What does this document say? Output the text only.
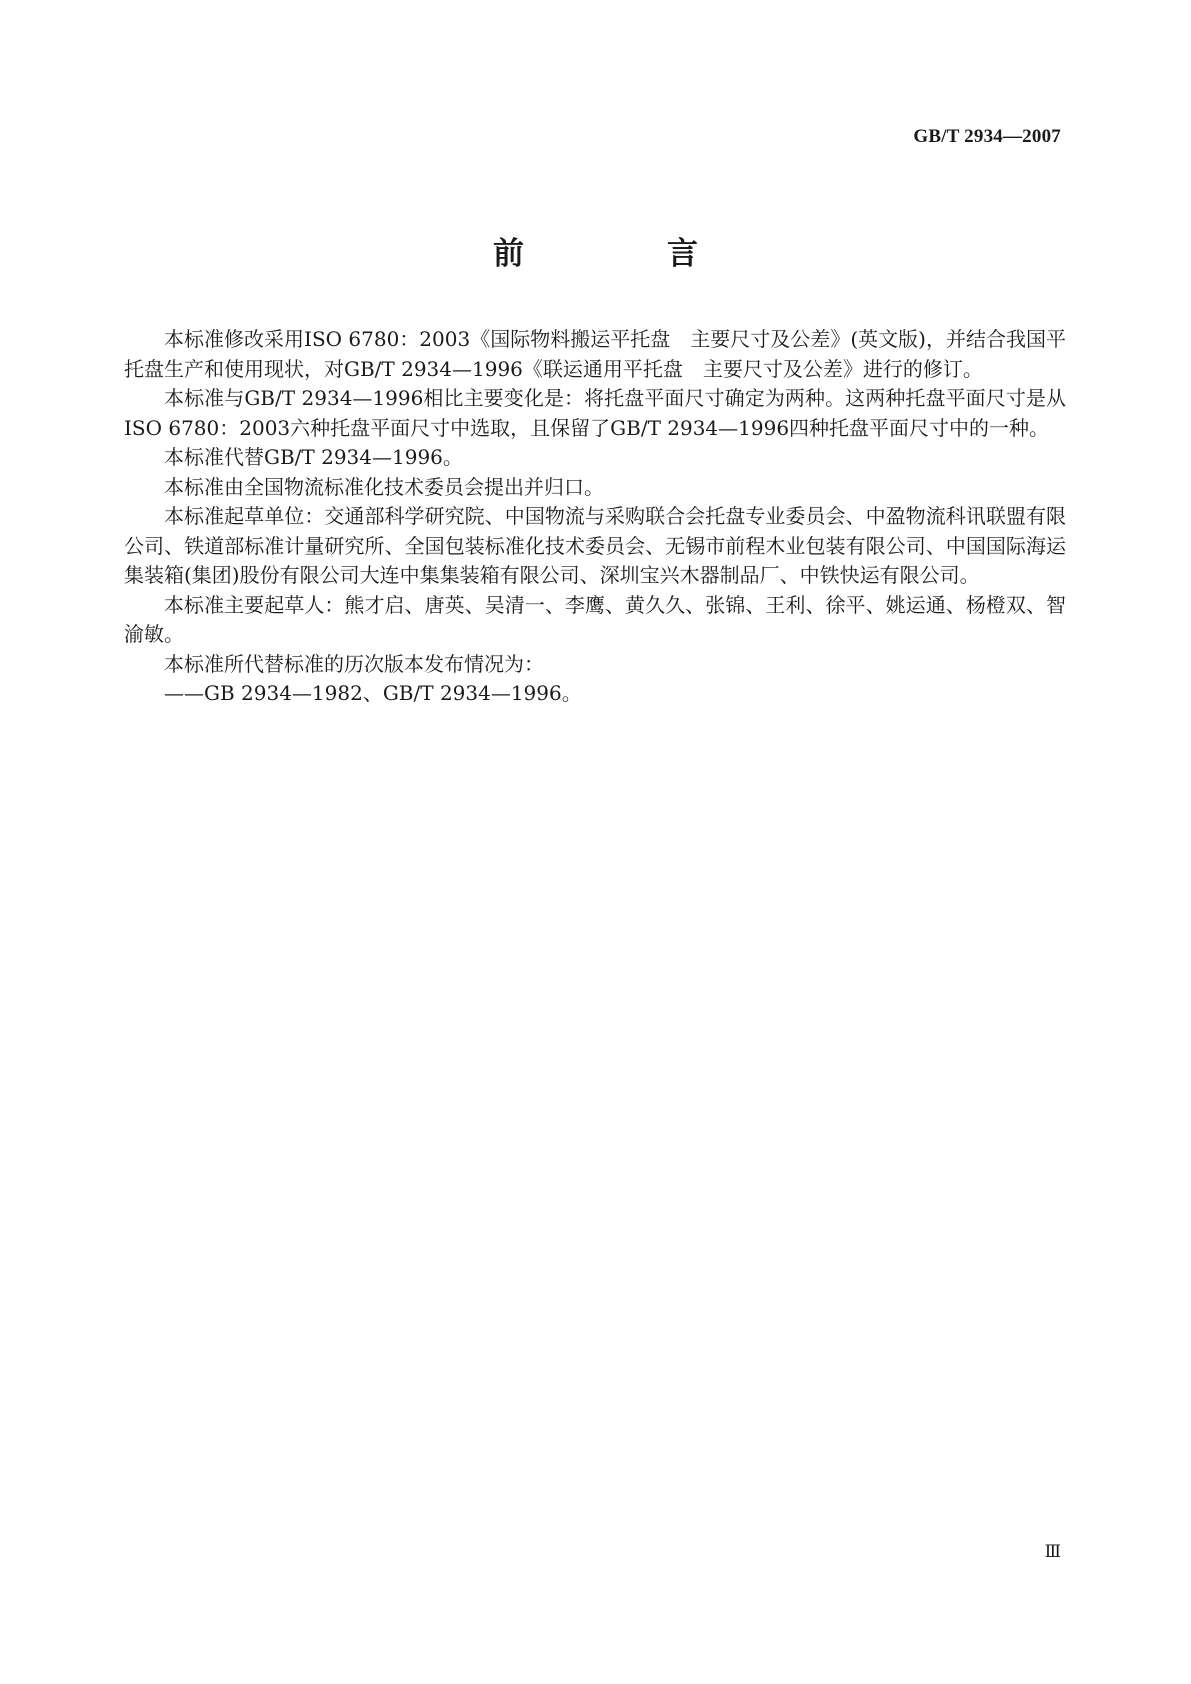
GB/T 2934—2007
前　言

本标准修改采用ISO 6780：2003《国际物料搬运平托盘　主要尺寸及公差》(英文版)，并结合我国平托盘生产和使用现状，对GB/T 2934—1996《联运通用平托盘　主要尺寸及公差》进行的修订。

本标准与GB/T 2934—1996相比主要变化是：将托盘平面尺寸确定为两种。这两种托盘平面尺寸是从ISO 6780：2003六种托盘平面尺寸中选取，且保留了GB/T 2934—1996四种托盘平面尺寸中的一种。

本标准代替GB/T 2934—1996。

本标准由全国物流标准化技术委员会提出并归口。

本标准起草单位：交通部科学研究院、中国物流与采购联合会托盘专业委员会、中盈物流科讯联盟有限公司、铁道部标准计量研究所、全国包装标准化技术委员会、无锡市前程木业包装有限公司、中国国际海运集装箱(集团)股份有限公司大连中集集装箱有限公司、深圳宝兴木器制品厂、中铁快运有限公司。

本标准主要起草人：熊才启、唐英、吴清一、李鹰、黄久久、张锦、王利、徐平、姚运通、杨橙双、智渝敏。

本标准所代替标准的历次版本发布情况为：

——GB 2934—1982、GB/T 2934—1996。

Ⅲ
